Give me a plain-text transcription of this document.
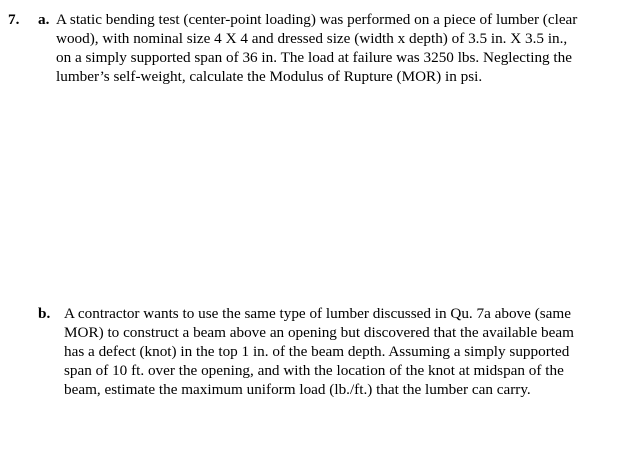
7. a. A static bending test (center-point loading) was performed on a piece of lumber (clear
wood), with nominal size 4 X 4 and dressed size (width x depth) of 3.5 in. X 3.5 in.,
on a simply supported span of 36 in. The load at failure was 3250 lbs. Neglecting the
lumber’s self-weight, calculate the Modulus of Rupture (MOR) in psi.
b. A contractor wants to use the same type of lumber discussed in Qu. 7a above (same
MOR) to construct a beam above an opening but discovered that the available beam
has a defect (knot) in the top 1 in. of the beam depth. Assuming a simply supported
span of 10 ft. over the opening, and with the location of the knot at midspan of the
beam, estimate the maximum uniform load (lb./ft.) that the lumber can carry.
